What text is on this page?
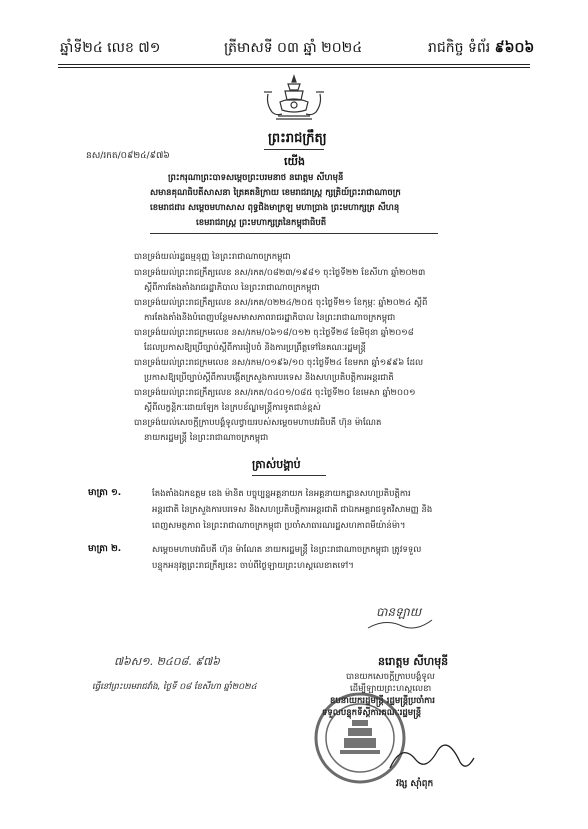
ឆ្នាំទី២៤ លេខ ៧១	ត្រីមាសទី ០៣ ឆ្នាំ ២០២៤	រាជកិច្ច ទំព័រ ៩៦០៦
នស/រកត/០៩២៤/៩៧៦
ព្រះរាជក្រឹត្យ
យើង
ព្រះករុណាព្រះបាទសម្តេចព្រះបរមនាថ នរោត្តម សីហមុនី
សមានគុណធិបតីសាសនា ត្រៃគតនិក្រាយ ខេមរាជរាស្ត្រ ក្សត្រិយ៍ព្រះរាជាណាចក្រ
ខេមរាជដារ សម្តេចមហាសាស ពុទ្ធជិងមាក្រឡ មហាប្រាង ព្រះមហាក្សត្រ សីហនុ
ខេមរាជរាស្ត្រ ព្រះមហាក្សត្រនៃកម្ពុជាធិបតី
បានទ្រង់យល់រដ្ឋធម្មនុញ្ញ នៃព្រះរាជាណាចក្រកម្ពុជា
បានទ្រង់យល់ព្រះរាជក្រឹត្យលេខ នស/រកត/០៨២៣/១៩៨១ ចុះថ្ងៃទី២២ ខែសីហា ឆ្នាំ២០២៣
ស្តីពីការតែងតាំងរាជរដ្ឋាភិបាល នៃព្រះរាជាណាចក្រកម្ពុជា
បានទ្រង់យល់ព្រះរាជក្រឹត្យលេខ នស/រកត/០២២៤/២០៥ ចុះថ្ងៃទី២១ ខែកុម្ភៈ ឆ្នាំ២០២៤ ស្តីពី
ការតែងតាំងនិងបំពេញបន្ថែមសមាសភាពរាជរដ្ឋាភិបាល នៃព្រះរាជាណាចក្រកម្ពុជា
បានទ្រង់យល់ព្រះរាជក្រមលេខ នស/រកម/០៦១៨/០១២ ចុះថ្ងៃទី២៨ ខែមិថុនា ឆ្នាំ២០១៨
ដែលប្រកាសឱ្យប្រើច្បាប់ស្តីពីការរៀបចំ និងការប្រព្រឹត្តទៅនៃគណៈរដ្ឋមន្ត្រី
បានទ្រង់យល់ព្រះរាជក្រមលេខ នស/រកម/០១៩៦/១០ ចុះថ្ងៃទី២៤ ខែមករា ឆ្នាំ១៩៩៦ ដែល
ប្រកាសឱ្យប្រើច្បាប់ស្តីពីការបង្កើតក្រសួងការបរទេស និងសហប្រតិបត្តិការអន្តរជាតិ
បានទ្រង់យល់ព្រះរាជក្រឹត្យលេខ នស/រកត/០៤០១/០៨៥ ចុះថ្ងៃទី២០ ខែមេសា ឆ្នាំ២០០១
ស្តីពីលក្ខន្តិកៈដោយឡែក នៃក្របខ័ណ្ឌមន្ត្រីការទូតជាន់ខ្ពស់
បានទ្រង់យល់សេចក្តីក្រាបបង្គំទូលថ្វាយរបស់សម្តេចមហាបវរធិបតី ហ៊ុន ម៉ាណែត
នាយករដ្ឋមន្ត្រី នៃព្រះរាជាណាចក្រកម្ពុជា
ត្រាស់បង្គាប់
មាត្រា ១.	តែងតាំងឯកឧត្តម ខេង ម៉ានិត បច្ចុប្បន្នអគ្គនាយក នៃអគ្គនាយកដ្ឋានសហប្រតិបត្តិការ
អន្តរជាតិ នៃក្រសួងការបរទេស និងសហប្រតិបត្តិការអន្តរជាតិ ជាឯកអគ្គរាជទូតវិសាមញ្ញ និង
ពេញសមត្ថភាព នៃព្រះរាជាណាចក្រកម្ពុជា ប្រចាំសាធារណរដ្ឋសហភាពមីយ៉ាន់ម៉ា។
មាត្រា ២.	សម្តេចមហាបវរធិបតី ហ៊ុន ម៉ាណែត នាយករដ្ឋមន្ត្រី នៃព្រះរាជាណាចក្រកម្ពុជា ត្រូវទទួល
បន្ទុកអនុវត្តព្រះរាជក្រឹត្យនេះ ចាប់ពីថ្ងៃឡាយព្រះហស្តលេខាតទៅ។
បានឡាយ
៧៦ស១. ២៤០៨. ៩៧៦
ធ្វើនៅព្រះបរមរាជវាំង, ថ្ងៃទី ០៨ ខែសីហា ឆ្នាំ២០២៤
នរោត្តម សីហមុនី
បានយកសេចក្តីក្រាបបង្គំទូល
ដើម្បីឡាយព្រះហស្តលេខា
ឧបនាយករដ្ឋមន្ត្រី រដ្ឋមន្ត្រីប្រចាំការ
ទទួលបន្ទុកទីស្តីការគណៈរដ្ឋមន្ត្រី
វង្ស ស៊ាំពុក
